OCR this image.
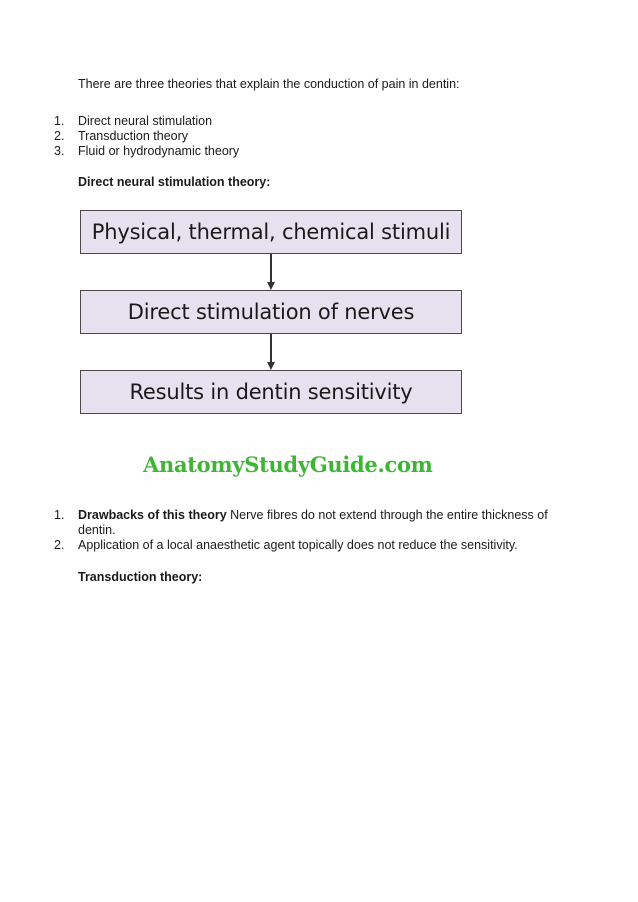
There are three theories that explain the conduction of pain in dentin:
1. Direct neural stimulation
2. Transduction theory
3. Fluid or hydrodynamic theory
Direct neural stimulation theory:
Physical, thermal, chemical stimuli
Direct stimulation of nerves
Results in dentin sensitivity
AnatomyStudyGuide.com
1. Drawbacks of this theory Nerve fibres do not extend through the entire thickness of
dentin.
2. Application of a local anaesthetic agent topically does not reduce the sensitivity.
Transduction theory:
